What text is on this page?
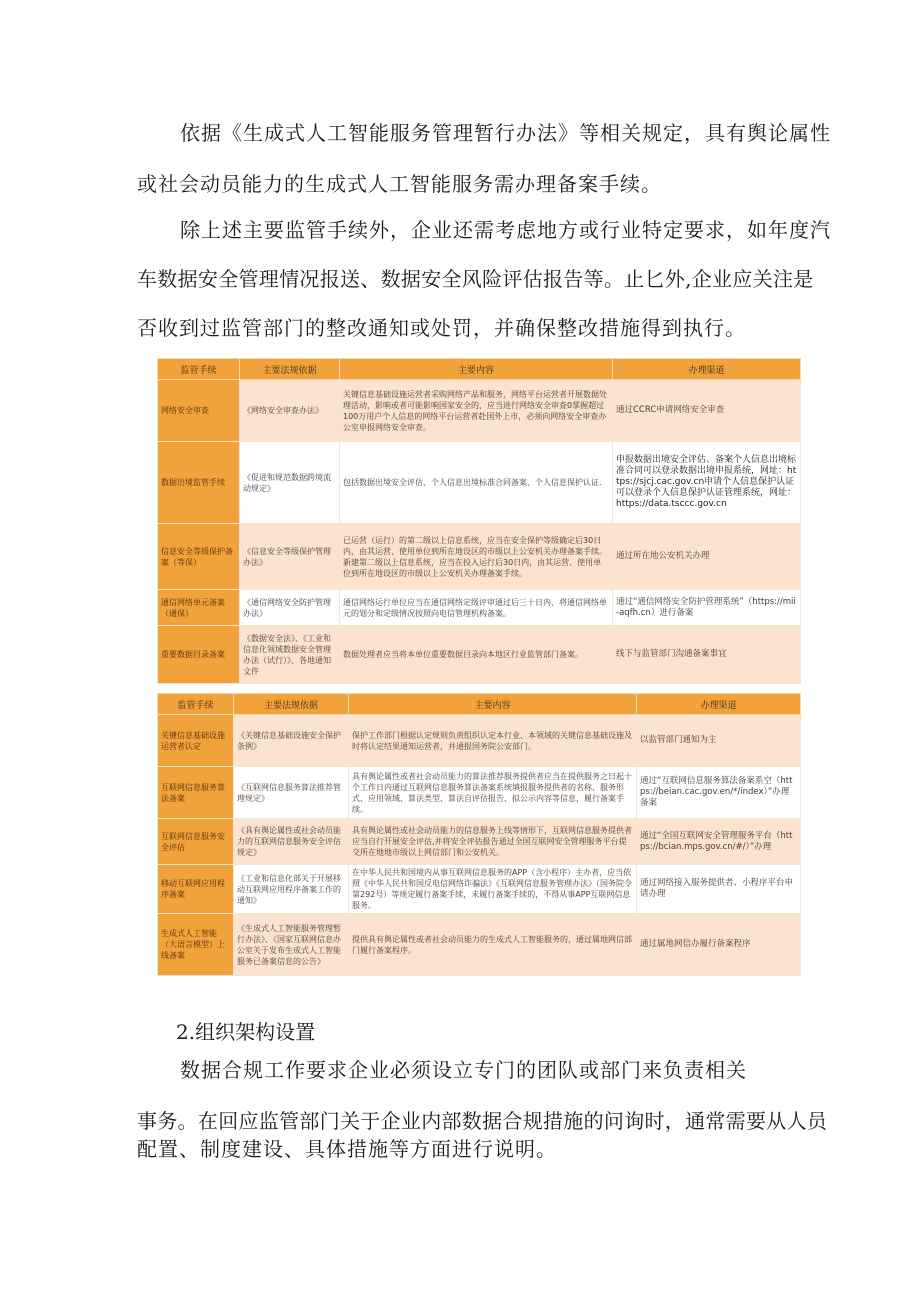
依据《生成式人工智能服务管理暂行办法》等相关规定，具有舆论属性
或社会动员能力的生成式人工智能服务需办理备案手续。
除上述主要监管手续外，企业还需考虑地方或行业特定要求，如年度汽
车数据安全管理情况报送、数据安全风险评估报告等。止匕外,企业应关注是
否收到过监管部门的整改通知或处罚，并确保整改措施得到执行。
监管手续	主要法规依据	主要内容	办理渠道
网络安全审查	《网络安全审查办法》	关键信息基础设施运营者采购网络产品和服务，网络平台运营者开展数据处理活动，影响或者可能影响国家安全的，应当进行网络安全审查0掌握超过100万用户个人信息的网络平台运营者赴国外上市，必须向网络安全审查办公室申报网络安全审查。	通过CCRC申请网络安全审查
数据出境监管手续	《促进和规范数据跨境流动规定》	包括数据出境安全评估、个人信息出境标准合同备案、个人信息保护认证.	申报数据出境安全评估、备案个人信息出境标准合同可以登录数据出境申报系统，网址：https://sjcj.cac.gov.cn申请个人信息保护认证可以登录个人信息保护认证管理系统，网址：https://data.tsccc.gov.cn
信息安全等级保护备案（等保）	《信息安全等级保护管理办法》	已运营（运行）的第二级以上信息系统，应当在安全保护等级确定后30日内，由其运营、使用单位到所在地设区的市级以上公安机关办理备案手续。新建第二级以上信息系统，应当在投入运行后30日内，由其运营、使用单位到所在地设区的市级以上公安机关办理备案手续。	通过所在地公安机关办理
通信网络单元备案（通保）	《通信网络安全防护管理办法》	通信网络运行单位应当在通信网络定级评审通过后三十日内，将通信网络单元的划分和定级情况按照向电信管理机构备案。	通过“通信网络安全防护管理系统”（https://mii-aqfh.cn）进行备案
重要数据目录备案	《数据安全法》、《工业和信息化领域数据安全管理办法（试行）》、各地通知文件	数据处理者应当将本单位重要数据目录向本地区行业监管部门备案。	线下与监管部门沟通备案事宜
监管手续	主要法规依据	主要内容	办理渠道
关键信息基础设施运营者认定	《关键信息基础设施安全保护条例》	保护工作部门根据认定规则负责组织认定本行业、本领域的关键信息基础设施及时将认定结果通知运营者，并通报国务院公安部门。	以监管部门通知为主
互联网信息服务算法备案	《互联网信息服务算法推荐管理规定》	具有舆论属性或者社会动员能力的算法推荐服务提供者应当在提供服务之日起十个工作日内通过互联网信息服务算法备案系统填报服务提供者的名称、服务形式、应用领域、算法类型、算法自评估报告、拟公示内容等信息，履行备案手续。	通过“互联网信息服务算法备案系空（https://beian.cac.gov.en/*/index）”办理备案
互联网信息服务安全评估	《具有舆论属性或社会动员能力的互联网信息服务安全评估规定》	具有舆论属性或社会动员能力的信息服务上线等情形下，互联网信息服务提供者应当自行开展安全评估,并将安全评估报告通过全国互联网安全管理服务平台提交所在地地市级以上网信部门和公安机关。	通过“全国互联网安全管理服务平台（https://bcian.mps.gov.cn/#/）”办理
移动互联网应用程序备案	《工业和信息化部关于开展移动互联网应用程序备案工作的通知》	在中华人民共和国境内从事互联网信息服务的APP（含小程序）主办者，应当依照《中华人民共和国反电信网络诈骗法》《互联网信息服务管理办法》（国务院令第292号）等规定履行备案手续，未履行备案手续的，不得从事APP互联网信息服务。	通过网络接入服务提供者、小程序平台申请办理
生成式人工智能（大语言模型）上线备案	《生成式人工智能服务管理暂行办法》、《国家互联网信息办公室关于发布生成式人工智能服务已备案信息的公告》	提供具有舆论属性或者社会动员能力的生成式人工智能服务的，通过属地网信部门履行备案程序。	通过属地网信办履行备案程序
2.组织架构设置
数据合规工作要求企业必须设立专门的团队或部门来负责相关
事务。在回应监管部门关于企业内部数据合规措施的问询时，通常需要从人员
配置、制度建设、具体措施等方面进行说明。
